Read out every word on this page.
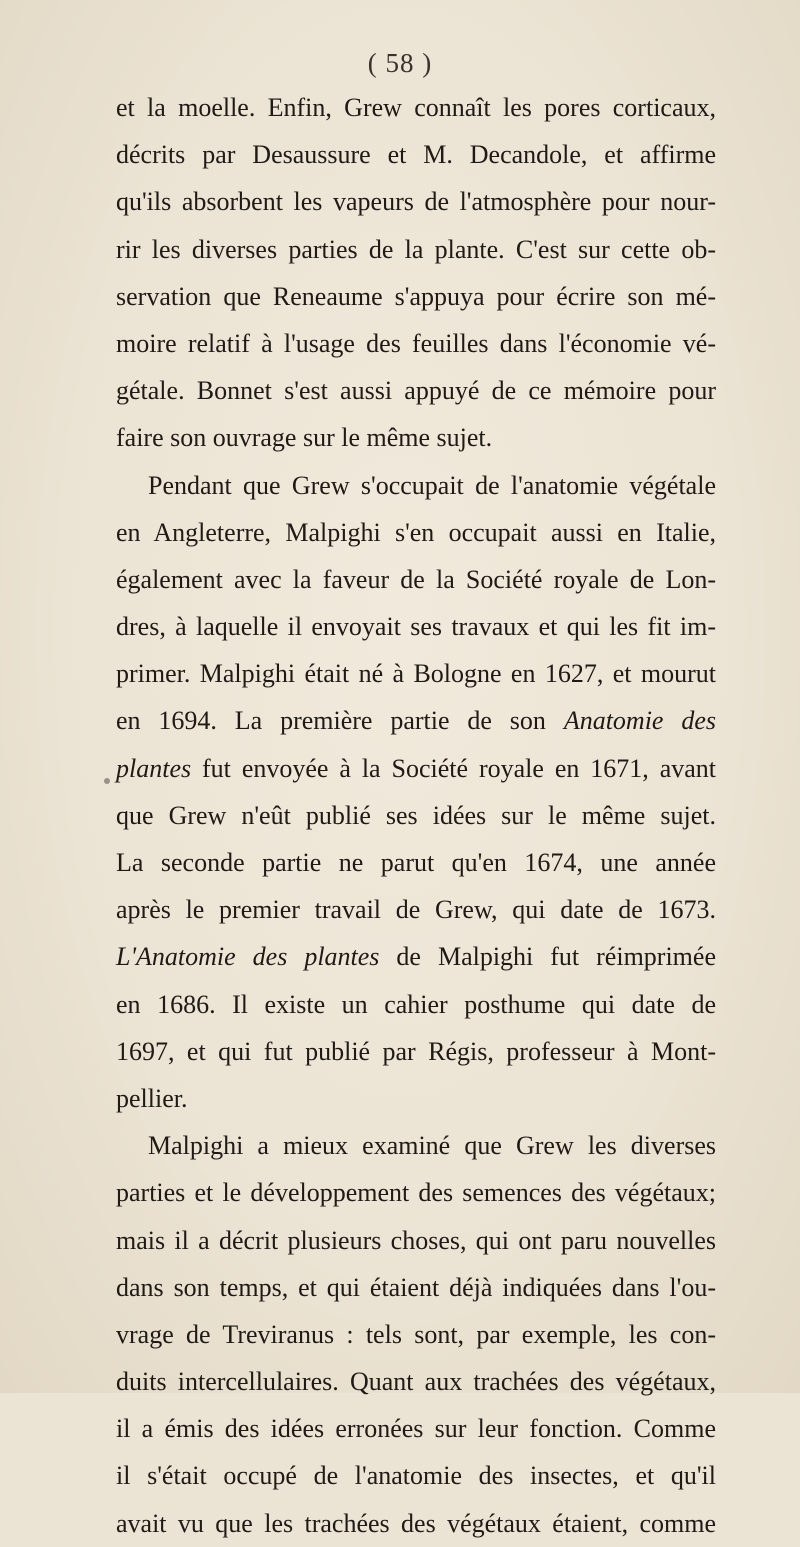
( 58 )
et la moelle. Enfin, Grew connaît les pores corticaux,
décrits par Desaussure et M. Decandole, et affirme
qu'ils absorbent les vapeurs de l'atmosphère pour nour-
rir les diverses parties de la plante. C'est sur cette ob-
servation que Reneaume s'appuya pour écrire son mé-
moire relatif à l'usage des feuilles dans l'économie vé-
gétale. Bonnet s'est aussi appuyé de ce mémoire pour
faire son ouvrage sur le même sujet.
Pendant que Grew s'occupait de l'anatomie végétale
en Angleterre, Malpighi s'en occupait aussi en Italie,
également avec la faveur de la Société royale de Lon-
dres, à laquelle il envoyait ses travaux et qui les fit im-
primer. Malpighi était né à Bologne en 1627, et mourut
en 1694. La première partie de son Anatomie des
plantes fut envoyée à la Société royale en 1671, avant
que Grew n'eût publié ses idées sur le même sujet.
La seconde partie ne parut qu'en 1674, une année
après le premier travail de Grew, qui date de 1673.
L'Anatomie des plantes de Malpighi fut réimprimée
en 1686. Il existe un cahier posthume qui date de
1697, et qui fut publié par Régis, professeur à Mont-
pellier.
Malpighi a mieux examiné que Grew les diverses
parties et le développement des semences des végétaux;
mais il a décrit plusieurs choses, qui ont paru nouvelles
dans son temps, et qui étaient déjà indiquées dans l'ou-
vrage de Treviranus : tels sont, par exemple, les con-
duits intercellulaires. Quant aux trachées des végétaux,
il a émis des idées erronées sur leur fonction. Comme
il s'était occupé de l'anatomie des insectes, et qu'il
avait vu que les trachées des végétaux étaient, comme
